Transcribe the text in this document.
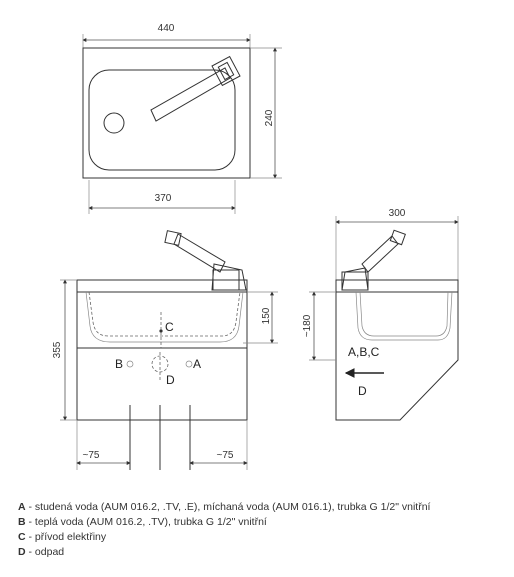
440
240
370
C
B	A
D
355
150
~75	~75
300
~180
A,B,C
D
A - studená voda (AUM 016.2, .TV, .E), míchaná voda (AUM 016.1), trubka G 1/2" vnitřní
B - teplá voda (AUM 016.2, .TV), trubka G 1/2" vnitřní
C - přívod elektřiny
D - odpad
